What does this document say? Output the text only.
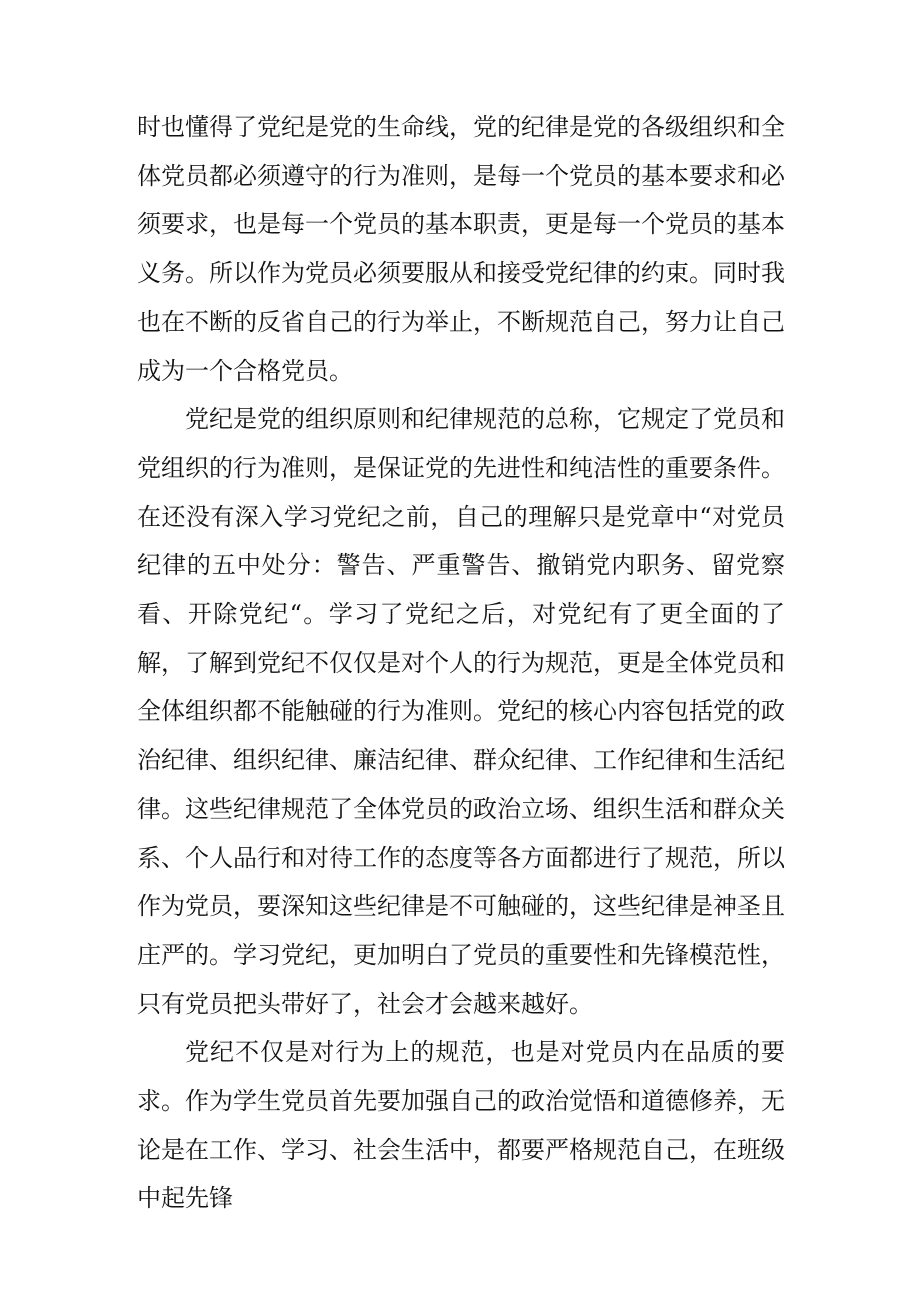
时也懂得了党纪是党的生命线，党的纪律是党的各级组织和全体党员都必须遵守的行为准则，是每一个党员的基本要求和必须要求，也是每一个党员的基本职责，更是每一个党员的基本义务。所以作为党员必须要服从和接受党纪律的约束。同时我也在不断的反省自己的行为举止，不断规范自己，努力让自己成为一个合格党员。

党纪是党的组织原则和纪律规范的总称，它规定了党员和党组织的行为准则，是保证党的先进性和纯洁性的重要条件。在还没有深入学习党纪之前，自己的理解只是党章中“对党员纪律的五中处分：警告、严重警告、撤销党内职务、留党察看、开除党纪“。学习了党纪之后，对党纪有了更全面的了解，了解到党纪不仅仅是对个人的行为规范，更是全体党员和全体组织都不能触碰的行为准则。党纪的核心内容包括党的政治纪律、组织纪律、廉洁纪律、群众纪律、工作纪律和生活纪律。这些纪律规范了全体党员的政治立场、组织生活和群众关系、个人品行和对待工作的态度等各方面都进行了规范，所以作为党员，要深知这些纪律是不可触碰的，这些纪律是神圣且庄严的。学习党纪，更加明白了党员的重要性和先锋模范性，只有党员把头带好了，社会才会越来越好。

党纪不仅是对行为上的规范，也是对党员内在品质的要求。作为学生党员首先要加强自己的政治觉悟和道德修养，无论是在工作、学习、社会生活中，都要严格规范自己，在班级中起先锋
